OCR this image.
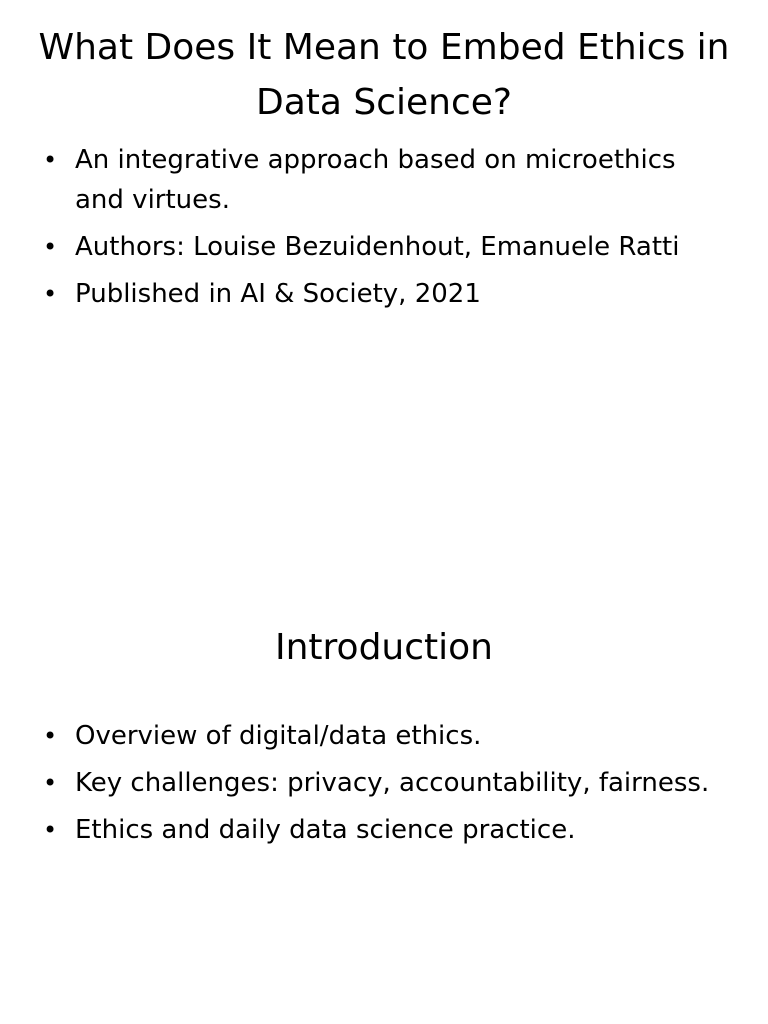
What Does It Mean to Embed Ethics in Data Science?
• An integrative approach based on microethics and virtues.
• Authors: Louise Bezuidenhout, Emanuele Ratti
• Published in AI & Society, 2021
Introduction
• Overview of digital/data ethics.
• Key challenges: privacy, accountability, fairness.
• Ethics and daily data science practice.
